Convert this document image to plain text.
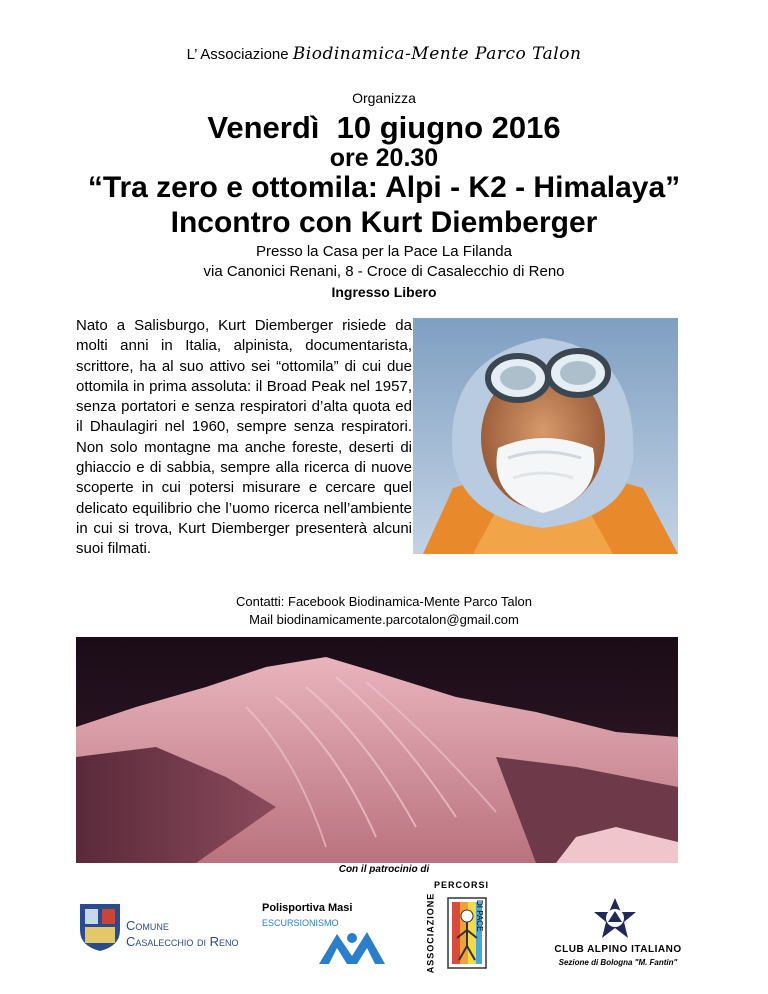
L’ Associazione Biodinamica-Mente Parco Talon
Organizza
Venerdì  10 giugno 2016
ore 20.30
“Tra zero e ottomila: Alpi - K2 - Himalaya”
Incontro con Kurt Diemberger
Presso la Casa per la Pace La Filanda
via Canonici Renani, 8 - Croce di Casalecchio di Reno
Ingresso Libero
Nato a Salisburgo, Kurt Diemberger risiede da molti anni in Italia, alpinista, documentarista, scrittore, ha al suo attivo sei “ottomila” di cui due ottomila in prima assoluta: il Broad Peak nel 1957, senza portatori e senza respiratori d’alta quota ed il Dhaulagiri nel 1960, sempre senza respiratori. Non solo montagne ma anche foreste, deserti di ghiaccio e di sabbia, sempre alla ricerca di nuove scoperte in cui potersi misurare e cercare quel delicato equilibrio che l’uomo ricerca nell’ambiente in cui si trova, Kurt Diemberger presenterà alcuni suoi filmati.
Contatti: Facebook Biodinamica-Mente Parco Talon
Mail biodinamicamente.parcotalon@gmail.com
Con il patrocinio di
Comune
Casalecchio di Reno
Polisportiva Masi
ESCURSIONISMO
PERCORSI
ASSOCIAZIONE	DI PACE
CLUB ALPINO ITALIANO
Sezione di Bologna "M. Fantin"
